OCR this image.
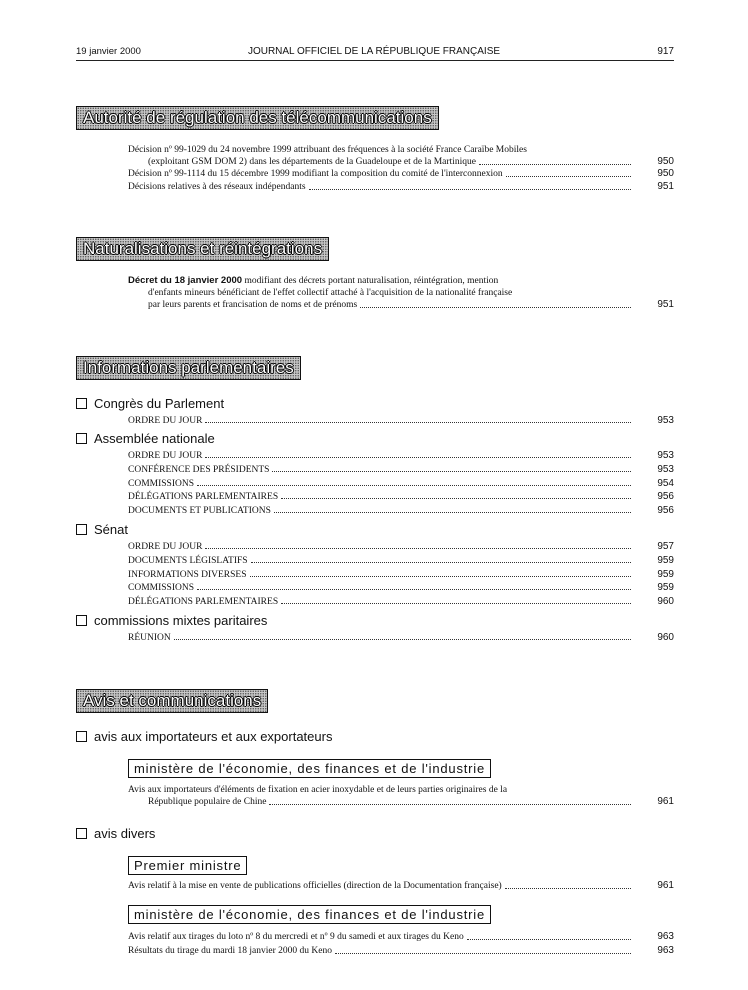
19 janvier 2000	JOURNAL OFFICIEL DE LA RÉPUBLIQUE FRANÇAISE	917
Autorité de régulation des télécommunications
Décision nº 99-1029 du 24 novembre 1999 attribuant des fréquences à la société France Caraïbe Mobiles
(exploitant GSM DOM 2) dans les départements de la Guadeloupe et de la Martinique	950
Décision nº 99-1114 du 15 décembre 1999 modifiant la composition du comité de l'interconnexion	950
Décisions relatives à des réseaux indépendants	951
Naturalisations et réintégrations
Décret du 18 janvier 2000 modifiant des décrets portant naturalisation, réintégration, mention
d'enfants mineurs bénéficiant de l'effet collectif attaché à l'acquisition de la nationalité française
par leurs parents et francisation de noms et de prénoms	951
Informations parlementaires
Congrès du Parlement
ORDRE DU JOUR	953
Assemblée nationale
ORDRE DU JOUR	953
CONFÉRENCE DES PRÉSIDENTS	953
COMMISSIONS	954
DÉLÉGATIONS PARLEMENTAIRES	956
DOCUMENTS ET PUBLICATIONS	956
Sénat
ORDRE DU JOUR	957
DOCUMENTS LÉGISLATIFS	959
INFORMATIONS DIVERSES	959
COMMISSIONS	959
DÉLÉGATIONS PARLEMENTAIRES	960
commissions mixtes paritaires
RÉUNION	960
Avis et communications
avis aux importateurs et aux exportateurs
ministère de l'économie, des finances et de l'industrie
Avis aux importateurs d'éléments de fixation en acier inoxydable et de leurs parties originaires de la
République populaire de Chine	961
avis divers
Premier ministre
Avis relatif à la mise en vente de publications officielles (direction de la Documentation française)	961
ministère de l'économie, des finances et de l'industrie
Avis relatif aux tirages du loto nº 8 du mercredi et nº 9 du samedi et aux tirages du Keno	963
Résultats du tirage du mardi 18 janvier 2000 du Keno	963
